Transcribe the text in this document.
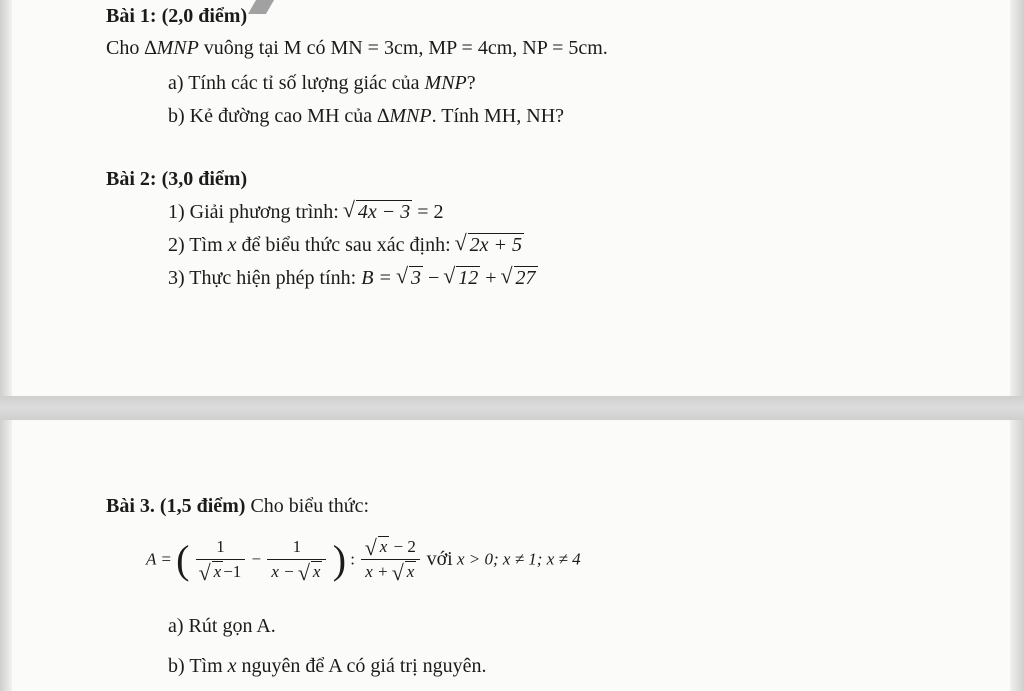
Bài 1: (2,0 điểm)
Cho ∆MNP vuông tại M có MN = 3cm, MP = 4cm, NP = 5cm.
a) Tính các tỉ số lượng giác của MNP?
b) Kẻ đường cao MH của ∆MNP. Tính MH, NH?
Bài 2: (3,0 điểm)
1) Giải phương trình: √ 4x − 3 = 2
2) Tìm x để biểu thức sau xác định: √ 2x + 5
3) Thực hiện phép tính: B = √ 3 − √ 12 + √ 27
Bài 3. (1,5 điểm) Cho biểu thức:
A = ( 1
√ $x -1 - \frac{1}{x - √ x}$ ) : √ $\frac{x - 2}{x + √ x}$ với x > 0; x ≠ 1; x ≠ 4
a) Rút gọn A.
b) Tìm x nguyên để A có giá trị nguyên.
